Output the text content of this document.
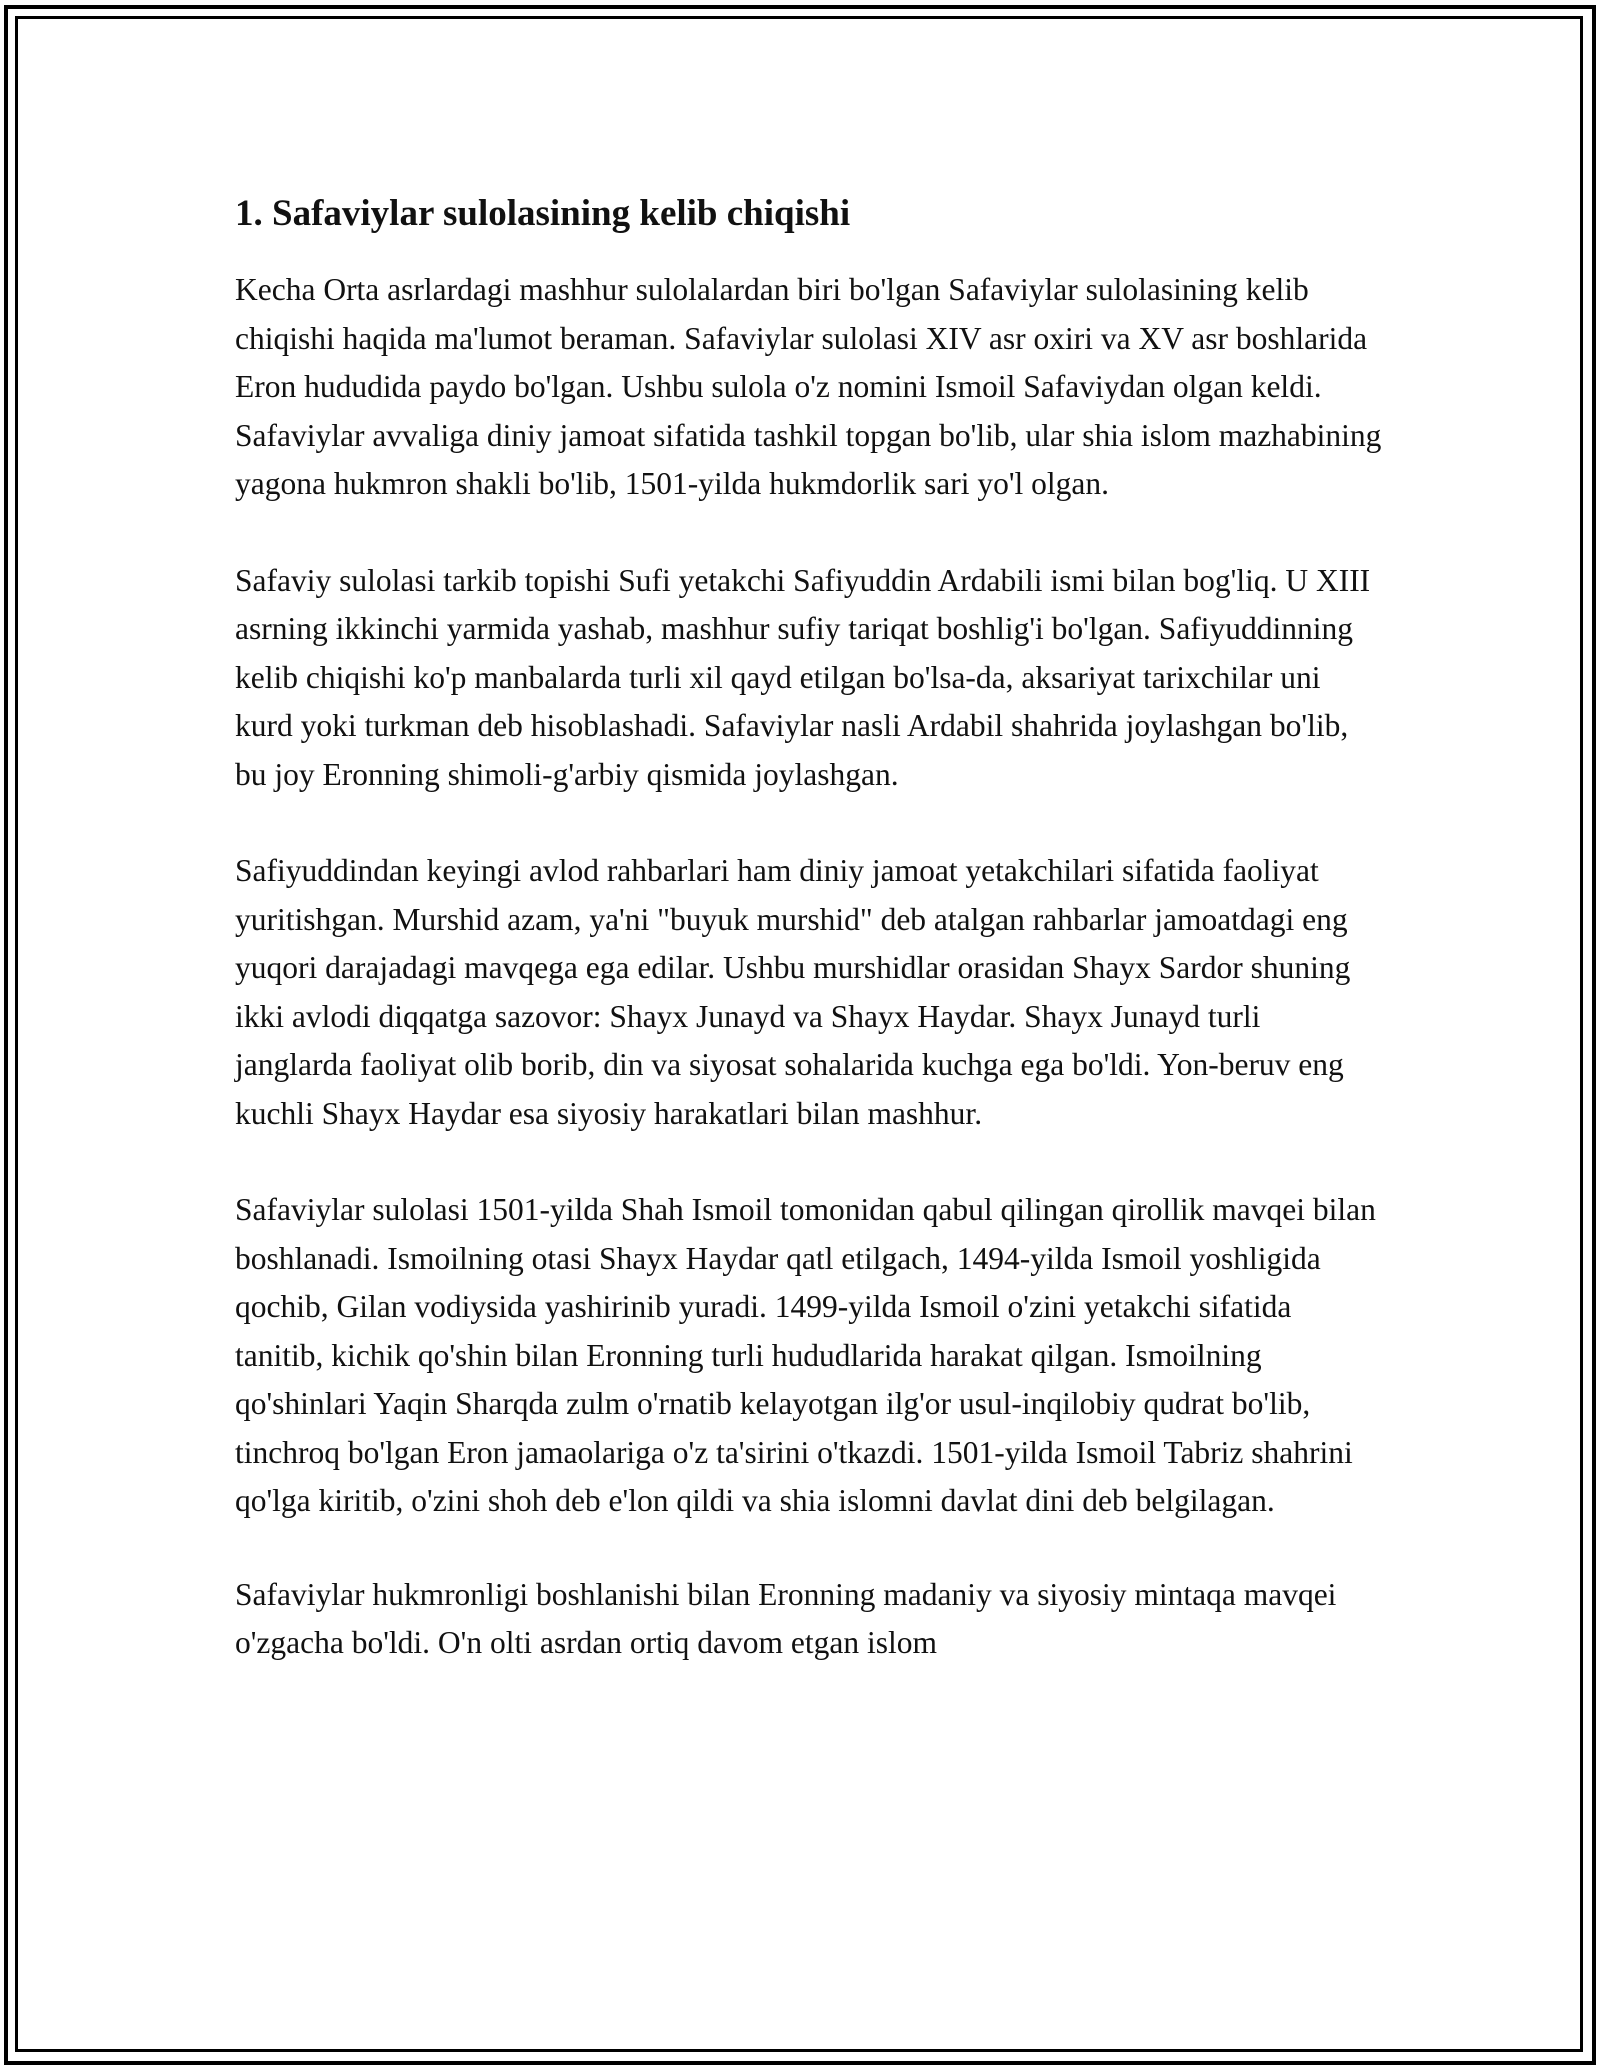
1. Safaviylar sulolasining kelib chiqishi

Kecha Orta asrlardagi mashhur sulolalardan biri bo'lgan Safaviylar sulolasining kelib chiqishi haqida ma'lumot beraman. Safaviylar sulolasi XIV asr oxiri va XV asr boshlarida Eron hududida paydo bo'lgan. Ushbu sulola o'z nomini Ismoil Safaviydan olgan keldi. Safaviylar avvaliga diniy jamoat sifatida tashkil topgan bo'lib, ular shia islom mazhabining yagona hukmron shakli bo'lib, 1501-yilda hukmdorlik sari yo'l olgan.

Safaviy sulolasi tarkib topishi Sufi yetakchi Safiyuddin Ardabili ismi bilan bog'liq. U XIII asrning ikkinchi yarmida yashab, mashhur sufiy tariqat boshlig'i bo'lgan. Safiyuddinning kelib chiqishi ko'p manbalarda turli xil qayd etilgan bo'lsa-da, aksariyat tarixchilar uni kurd yoki turkman deb hisoblashadi. Safaviylar nasli Ardabil shahrida joylashgan bo'lib, bu joy Eronning shimoli-g'arbiy qismida joylashgan.

Safiyuddindan keyingi avlod rahbarlari ham diniy jamoat yetakchilari sifatida faoliyat yuritishgan. Murshid azam, ya'ni "buyuk murshid" deb atalgan rahbarlar jamoatdagi eng yuqori darajadagi mavqega ega edilar. Ushbu murshidlar orasidan Shayx Sardor shuning ikki avlodi diqqatga sazovor: Shayx Junayd va Shayx Haydar. Shayx Junayd turli janglarda faoliyat olib borib, din va siyosat sohalarida kuchga ega bo'ldi. Yon-beruv eng kuchli Shayx Haydar esa siyosiy harakatlari bilan mashhur.

Safaviylar sulolasi 1501-yilda Shah Ismoil tomonidan qabul qilingan qirollik mavqei bilan boshlanadi. Ismoilning otasi Shayx Haydar qatl etilgach, 1494-yilda Ismoil yoshligida qochib, Gilan vodiysida yashirinib yuradi. 1499-yilda Ismoil o'zini yetakchi sifatida tanitib, kichik qo'shin bilan Eronning turli hududlarida harakat qilgan. Ismoilning qo'shinlari Yaqin Sharqda zulm o'rnatib kelayotgan ilg'or usul-inqilobiy qudrat bo'lib, tinchroq bo'lgan Eron jamaolariga o'z ta'sirini o'tkazdi. 1501-yilda Ismoil Tabriz shahrini qo'lga kiritib, o'zini shoh deb e'lon qildi va shia islomni davlat dini deb belgilagan.

Safaviylar hukmronligi boshlanishi bilan Eronning madaniy va siyosiy mintaqa mavqei o'zgacha bo'ldi. O'n olti asrdan ortiq davom etgan islom
